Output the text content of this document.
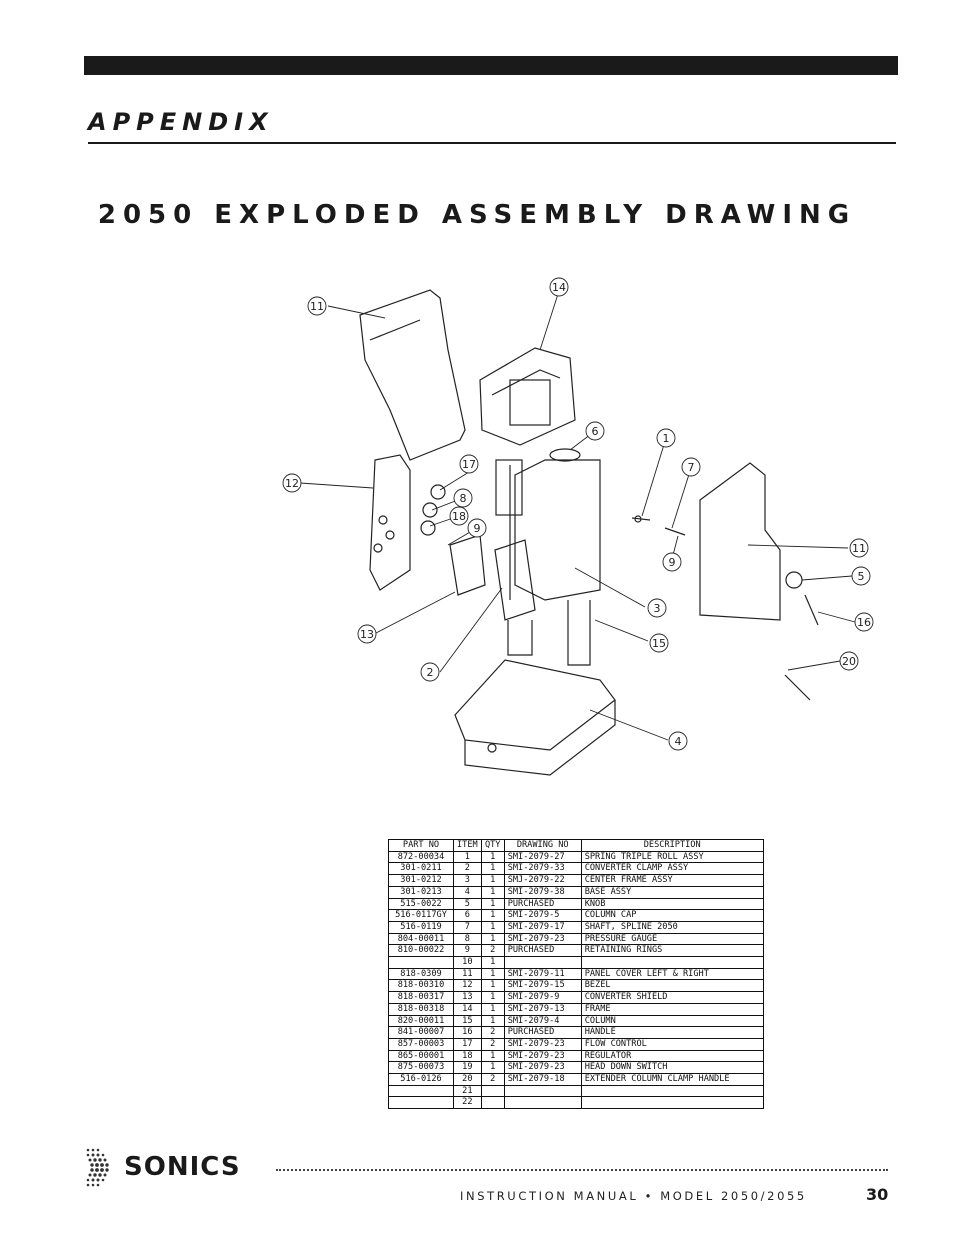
APPENDIX
2050 EXPLODED ASSEMBLY DRAWING
11
14
12
17
8
18
9
6
1
7
9
11
5
16
3
15
13
2
20
4
PART NO	ITEM	QTY	DRAWING NO	DESCRIPTION
872-00034	1	1	SMI-2079-27	SPRING TRIPLE ROLL ASSY
301-0211	2	1	SMI-2079-33	CONVERTER CLAMP ASSY
301-0212	3	1	SMJ-2079-22	CENTER FRAME ASSY
301-0213	4	1	SMI-2079-38	BASE ASSY
515-0022	5	1	PURCHASED	KNOB
516-0117GY	6	1	SMI-2079-5	COLUMN CAP
516-0119	7	1	SMI-2079-17	SHAFT, SPLINE 2050
804-00011	8	1	SMI-2079-23	PRESSURE GAUGE
810-00022	9	2	PURCHASED	RETAINING RINGS
	10	1		
818-0309	11	1	SMI-2079-11	PANEL COVER LEFT & RIGHT
818-00310	12	1	SMI-2079-15	BEZEL
818-00317	13	1	SMI-2079-9	CONVERTER SHIELD
818-00318	14	1	SMI-2079-13	FRAME
820-00011	15	1	SMI-2079-4	COLUMN
841-00007	16	2	PURCHASED	HANDLE
857-00003	17	2	SMI-2079-23	FLOW CONTROL
865-00001	18	1	SMI-2079-23	REGULATOR
875-00073	19	1	SMI-2079-23	HEAD DOWN SWITCH
516-0126	20	2	SMI-2079-18	EXTENDER COLUMN CLAMP HANDLE
	21			
	22			
SONICS
INSTRUCTION MANUAL • MODEL 2050/2055	30
